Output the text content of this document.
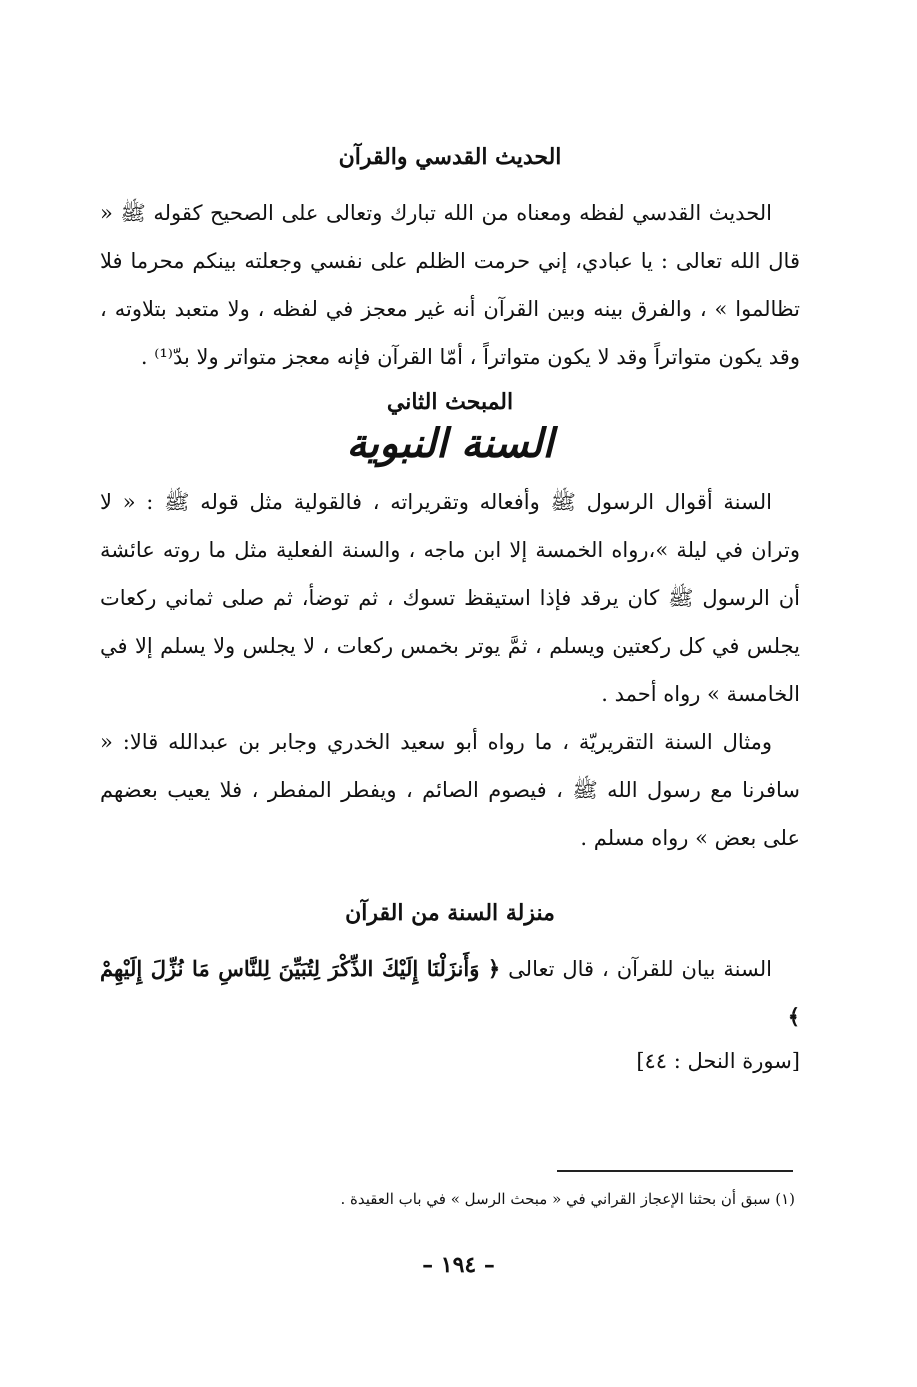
الحديث القدسي والقرآن

الحديث القدسي لفظه ومعناه من الله تبارك وتعالى على الصحيح كقوله ﷺ « قال الله تعالى : يا عبادي، إني حرمت الظلم على نفسي وجعلته بينكم محرما فلا تظالموا » ، والفرق بينه وبين القرآن أنه غير معجز في لفظه ، ولا متعبد بتلاوته ، وقد يكون متواتراً وقد لا يكون متواتراً ، أمّا القرآن فإنه معجز متواتر ولا بدّ⁽¹⁾ .

المبحث الثاني
السنة النبوية

السنة أقوال الرسول ﷺ وأفعاله وتقريراته ، فالقولية مثل قوله ﷺ : « لا وتران في ليلة »،رواه الخمسة إلا ابن ماجه ، والسنة الفعلية مثل ما روته عائشة أن الرسول ﷺ كان يرقد فإذا استيقظ تسوك ، ثم توضأ، ثم صلى ثماني ركعات يجلس في كل ركعتين ويسلم ، ثمَّ يوتر بخمس ركعات ، لا يجلس ولا يسلم إلا في الخامسة » رواه أحمد .

ومثال السنة التقريريّة ، ما رواه أبو سعيد الخدري وجابر بن عبدالله قالا: « سافرنا مع رسول الله ﷺ ، فيصوم الصائم ، ويفطر المفطر ، فلا يعيب بعضهم على بعض » رواه مسلم .

منزلة السنة من القرآن

السنة بيان للقرآن ، قال تعالى ﴿ وَأَنزَلْنَا إِلَيْكَ الذِّكْرَ لِتُبَيِّنَ لِلنَّاسِ مَا نُزِّلَ إِلَيْهِمْ ﴾

[سورة النحل : ٤٤]

(١) سبق أن بحثنا الإعجاز القراني في « مبحث الرسل » في باب العقيدة .
– ١٩٤ –
